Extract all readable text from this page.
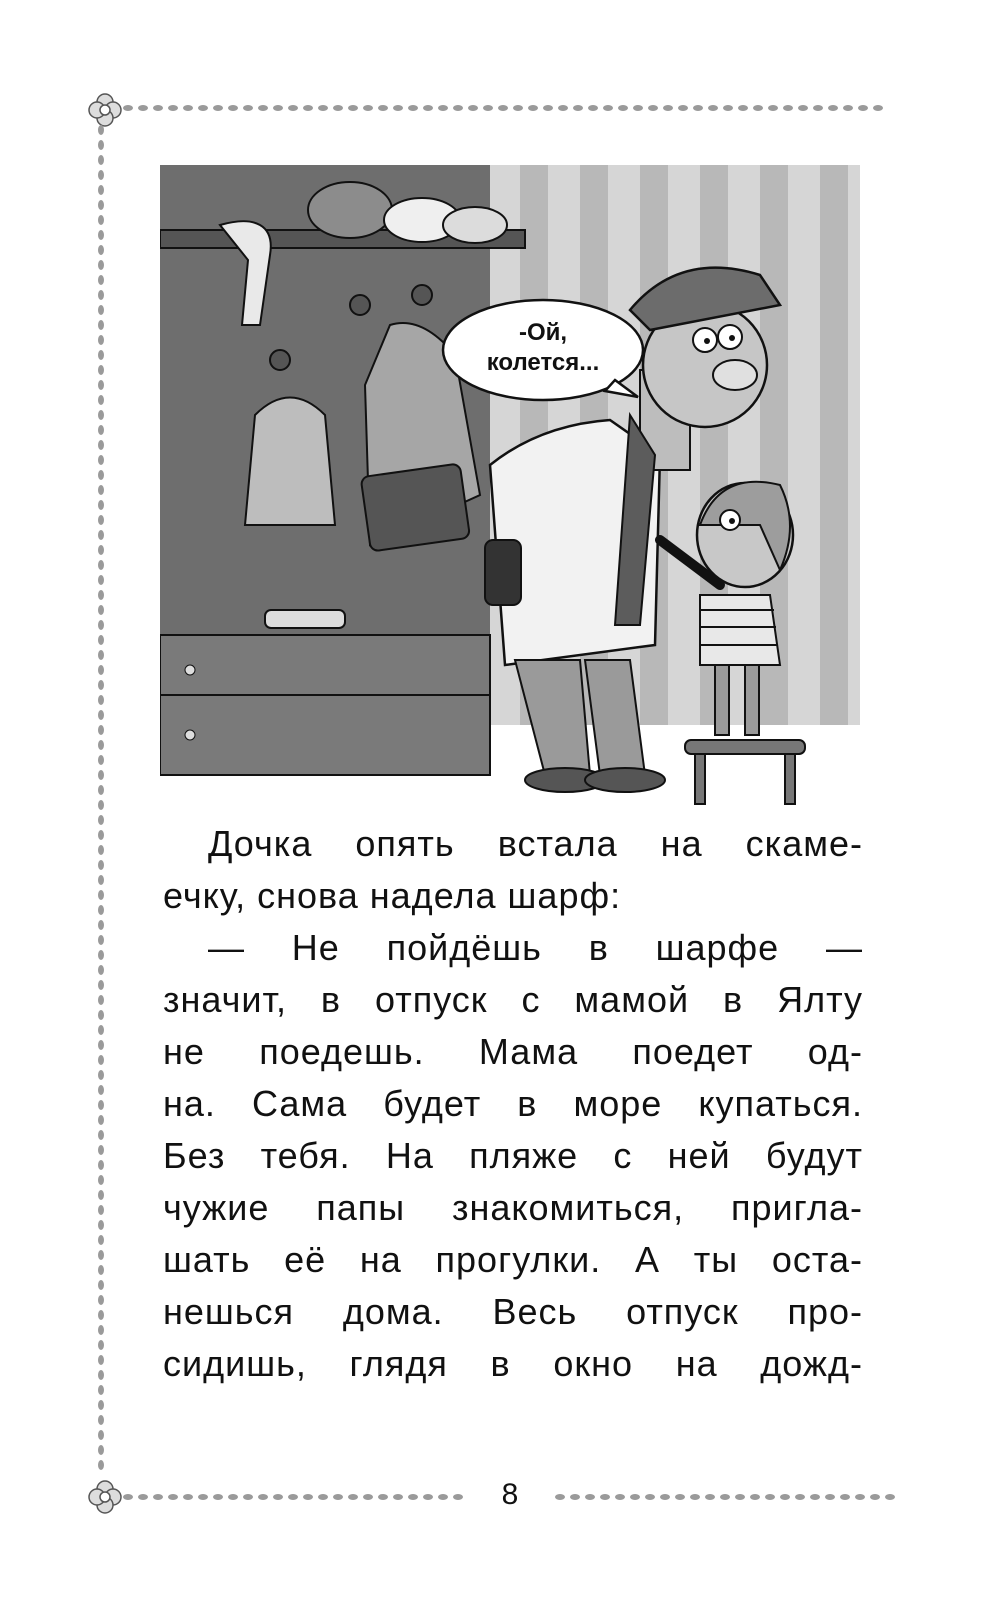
-Ой,
колется...

Дочка опять встала на скаме-

ечку, снова надела шарф:

— Не пойдёшь в шарфе —

значит, в отпуск с мамой в Ялту

не поедешь. Мама поедет од-

на. Сама будет в море купаться.

Без тебя. На пляже с ней будут

чужие папы знакомиться, пригла-

шать её на прогулки. А ты оста-

нешься дома. Весь отпуск про-

сидишь, глядя в окно на дожд-

8
